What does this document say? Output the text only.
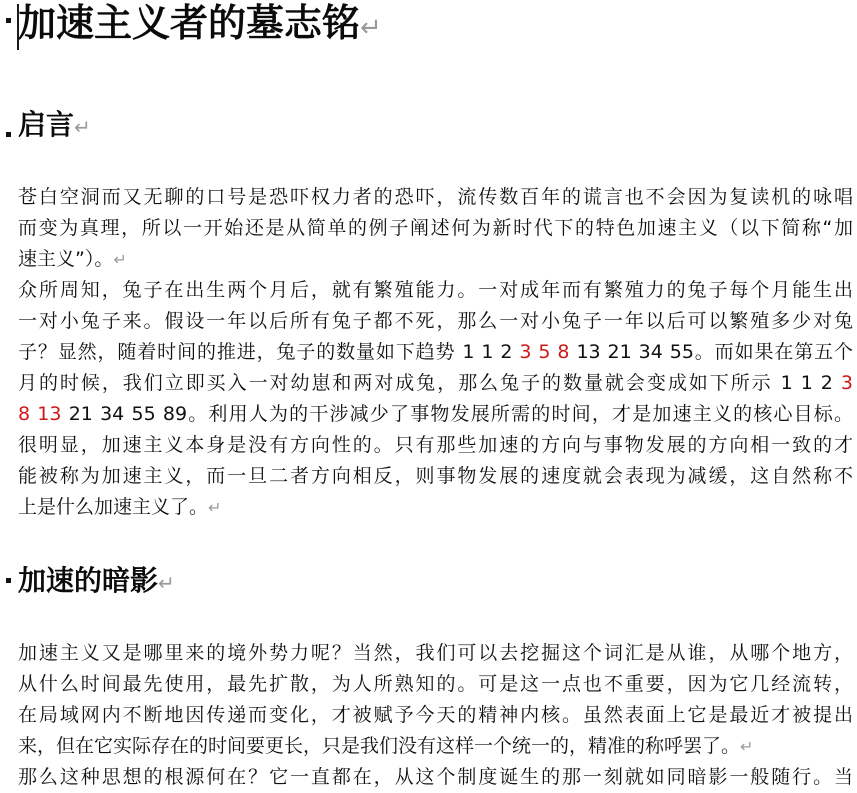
加速主义者的墓志铭↵
启言↵
苍白空洞而又无聊的口号是恐吓权力者的恐吓，流传数百年的谎言也不会因为复读机的咏唱
而变为真理，所以一开始还是从简单的例子阐述何为新时代下的特色加速主义（以下简称“加
速主义”）。↵
众所周知，兔子在出生两个月后，就有繁殖能力。一对成年而有繁殖力的兔子每个月能生出
一对小兔子来。假设一年以后所有兔子都不死，那么一对小兔子一年以后可以繁殖多少对兔
子？显然，随着时间的推进，兔子的数量如下趋势 1 1 2 3 5 8 13 21 34 55。而如果在第五个
月的时候，我们立即买入一对幼崽和两对成兔，那么兔子的数量就会变成如下所示 1 1 2 3
8 13 21 34 55 89。利用人为的干涉减少了事物发展所需的时间，才是加速主义的核心目标。
很明显，加速主义本身是没有方向性的。只有那些加速的方向与事物发展的方向相一致的才
能被称为加速主义，而一旦二者方向相反，则事物发展的速度就会表现为减缓，这自然称不
上是什么加速主义了。↵
加速的暗影↵
加速主义又是哪里来的境外势力呢？当然，我们可以去挖掘这个词汇是从谁，从哪个地方，
从什么时间最先使用，最先扩散，为人所熟知的。可是这一点也不重要，因为它几经流转，
在局域网内不断地因传递而变化，才被赋予今天的精神内核。虽然表面上它是最近才被提出
来，但在它实际存在的时间要更长，只是我们没有这样一个统一的，精准的称呼罢了。↵
那么这种思想的根源何在？它一直都在，从这个制度诞生的那一刻就如同暗影一般随行。当
